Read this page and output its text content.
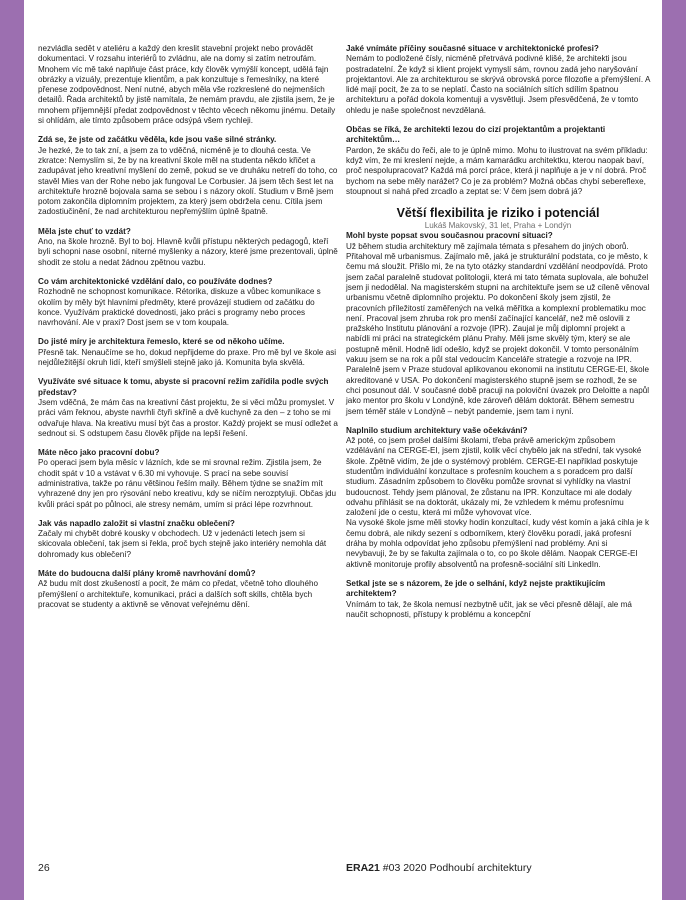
nezvládla sedět v ateliéru a každý den kreslit stavební projekt nebo provádět dokumentaci. V rozsahu interiérů to zvládnu, ale na domy si zatím netroufám. Mnohem víc mě také naplňuje část práce, kdy člověk vymýšlí koncept, udělá fajn obrázky a vizuály, prezentuje klientům, a pak konzultuje s řemeslníky, na které přenese zodpovědnost. Není nutné, abych měla vše rozkreslené do nejmenších detailů. Řada architektů by jistě namítala, že nemám pravdu, ale zjistila jsem, že je mnohem příjemnější předat zodpovědnost v těchto věcech někomu jinému. Detaily si ohlídám, ale tímto způsobem práce odsýpá všem rychleji.

Zdá se, že jste od začátku věděla, kde jsou vaše silné stránky.
Je hezké, že to tak zní, a jsem za to vděčná, nicméně je to dlouhá cesta. Ve zkratce: Nemyslím si, že by na kreativní škole měl na studenta někdo křičet a zadupávat jeho kreativní myšlení do země, pokud se ve druháku netrefí do toho, co stavěl Mies van der Rohe nebo jak fungoval Le Corbusier. Já jsem těch šest let na architektuře hrozně bojovala sama se sebou i s názory okolí. Studium v Brně jsem potom zakončila diplomním projektem, za který jsem obdržela cenu. Cítila jsem zadostiučinění, že nad architekturou nepřemýšlím úplně špatně.

Měla jste chuť to vzdát?
Ano, na škole hrozně. Byl to boj. Hlavně kvůli přístupu některých pedagogů, kteří byli schopni nase osobní, niterné myšlenky a názory, které jsme prezentovali, úplně shodit ze stolu a nedat žádnou zpětnou vazbu.

Co vám architektonické vzdělání dalo, co používáte dodnes?
Rozhodně ne schopnost komunikace. Rétorika, diskuze a vůbec komunikace s okolím by měly být hlavními předměty, které provázejí studiem od začátku do konce. Využívám praktické dovednosti, jako práci s programy nebo proces navrhování. Ale v praxi? Dost jsem se v tom koupala.

Do jisté míry je architektura řemeslo, které se od někoho učíme.
Přesně tak. Nenaučíme se ho, dokud nepřijdeme do praxe. Pro mě byl ve škole asi nejdůležitější okruh lidí, kteří smýšleli stejně jako já. Komunita byla skvělá.

Využíváte své situace k tomu, abyste si pracovní režim zařídila podle svých představ?
Jsem vděčná, že mám čas na kreativní část projektu, že si věci můžu promyslet. V práci vám řeknou, abyste navrhli čtyři skříně a dvě kuchyně za den – z toho se mi odvařuje hlava. Na kreativu musí být čas a prostor. Každý projekt se musí odležet a sednout si. S odstupem času člověk přijde na lepší řešení.

Máte něco jako pracovní dobu?
Po operaci jsem byla měsíc v lázních, kde se mi srovnal režim. Zjistila jsem, že chodit spát v 10 a vstávat v 6.30 mi vyhovuje. S prací na sebe souvisí administrativa, takže po ránu většinou řeším maily. Během týdne se snažím mít vyhrazené dny jen pro rýsování nebo kreativu, kdy se ničím nerozptyluji. Občas jdu kvůli práci spát po půlnoci, ale stresy nemám, umím si práci lépe rozvrhnout.

Jak vás napadlo založit si vlastní značku oblečení?
Začaly mi chybět dobré kousky v obchodech. Už v jedenácti letech jsem si skicovala oblečení, tak jsem si řekla, proč bych stejně jako interiéry nemohla dát dohromady kus oblečení?

Máte do budoucna další plány kromě navrhování domů?
Až budu mít dost zkušeností a pocit, že mám co předat, včetně toho dlouhého přemýšlení o architektuře, komunikaci, práci a dalších soft skills, chtěla bych pracovat se studenty a aktivně se věnovat veřejnému dění.

Jaké vnímáte příčiny současné situace v architektonické profesi?
Nemám to podložené čísly, nicméně přetrvává podivné klišé, že architekti jsou postradatelní. Že když si klient projekt vymyslí sám, rovnou zadá jeho naryšování projektantovi. Ale za architekturou se skrývá obrovská porce filozofie a přemýšlení. A lidé mají pocit, že za to se neplatí. Často na sociálních sítích sdílím špatnou architekturu a pořád dokola komentuji a vysvětluji. Jsem přesvědčená, že v tomto ohledu je naše společnost nevzdělaná.

Občas se říká, že architekti lezou do cizí projektantům a projektanti architektům…
Pardon, že skáču do řeči, ale to je úplně mimo. Mohu to ilustrovat na svém příkladu: když vím, že mi kreslení nejde, a mám kamarádku architektku, kterou naopak baví, proč nespolupracovat? Každá má porcí práce, která ji naplňuje a je v ní dobrá. Proč bychom na sebe měly narážet? Co je za problém? Možná občas chybí sebereflexe, stoupnout si nahá před zrcadlo a zeptat se: V čem jsem dobrá já?

Větší flexibilita je riziko i potenciál
Lukáš Makovský, 31 let, Praha + Londýn

Mohl byste popsat svou současnou pracovní situaci?
Už během studia architektury mě zajímala témata s přesahem do jiných oborů. Přitahoval mě urbanismus. Zajímalo mě, jaká je strukturální podstata, co je město, k čemu má sloužit. Přišlo mi, že na tyto otázky standardní vzdělání neodpovídá. Proto jsem začal paralelně studovat politologii, která mi tato témata suplovala, ale bohužel jsem ji nedodělal. Na magisterském stupni na architektuře jsem se už cíleně věnoval urbanismu včetně diplomního projektu. Po dokončení školy jsem zjistil, že pracovních příležitostí zaměřených na velká měřítka a komplexní problematiku moc není. Pracoval jsem zhruba rok pro menší začínající kancelář, než mě oslovili z pražského Institutu plánování a rozvoje (IPR). Zaujal je můj diplomní projekt a nabídli mi práci na strategickém plánu Prahy. Měli jsme skvělý tým, který se ale postupně měnil. Hodně lidí odešlo, když se projekt dokončil. V tomto personálním vakuu jsem se na rok a půl stal vedoucím Kanceláře strategie a rozvoje na IPR. Paralelně jsem v Praze studoval aplikovanou ekonomii na institutu CERGE-EI, škole akreditované v USA. Po dokončení magisterského stupně jsem se rozhodl, že se chci posunout dál. V současné době pracuji na poloviční úvazek pro Deloitte a napůl jako mentor pro školu v Londýně, kde zároveň dělám doktorát. Během semestru jsem téměř stále v Londýně – nebýt pandemie, jsem tam i nyní.

Naplnilo studium architektury vaše očekávání?
Až poté, co jsem prošel dalšími školami, třeba právě americkým způsobem vzdělávání na CERGE-EI, jsem zjistil, kolik věcí chybělo jak na střední, tak vysoké škole. Zpětně vidím, že jde o systémový problém. CERGE-EI například poskytuje studentům individuální konzultace s profesním kouchem a s poradcem pro další studium. Zásadním způsobem to člověku pomůže srovnat si vyhlídky na vlastní budoucnost. Tehdy jsem plánoval, že zůstanu na IPR. Konzultace mi ale dodaly odvahu přihlásit se na doktorát, ukázaly mi, že vzhledem k mému profesnímu založení jde o cestu, která mi může vyhovovat více.
Na vysoké škole jsme měli stovky hodin konzultací, kudy vést komín a jaká cihla je k čemu dobrá, ale nikdy sezení s odborníkem, který člověku poradí, jaká profesní dráha by mohla odpovídat jeho způsobu přemýšlení nad problémy. Ani si nevybavuji, že by se fakulta zajímala o to, co po škole dělám. Naopak CERGE-EI aktivně monitoruje profily absolventů na profesně-sociální síti LinkedIn.

Setkal jste se s názorem, že jde o selhání, když nejste praktikujícím architektem?
Vnímám to tak, že škola nemusí nezbytně učit, jak se věci přesně dělají, ale má naučit schopnosti, přístupy k problému a koncepční

26	ERA21 #03 2020 Podhoubí architektury
